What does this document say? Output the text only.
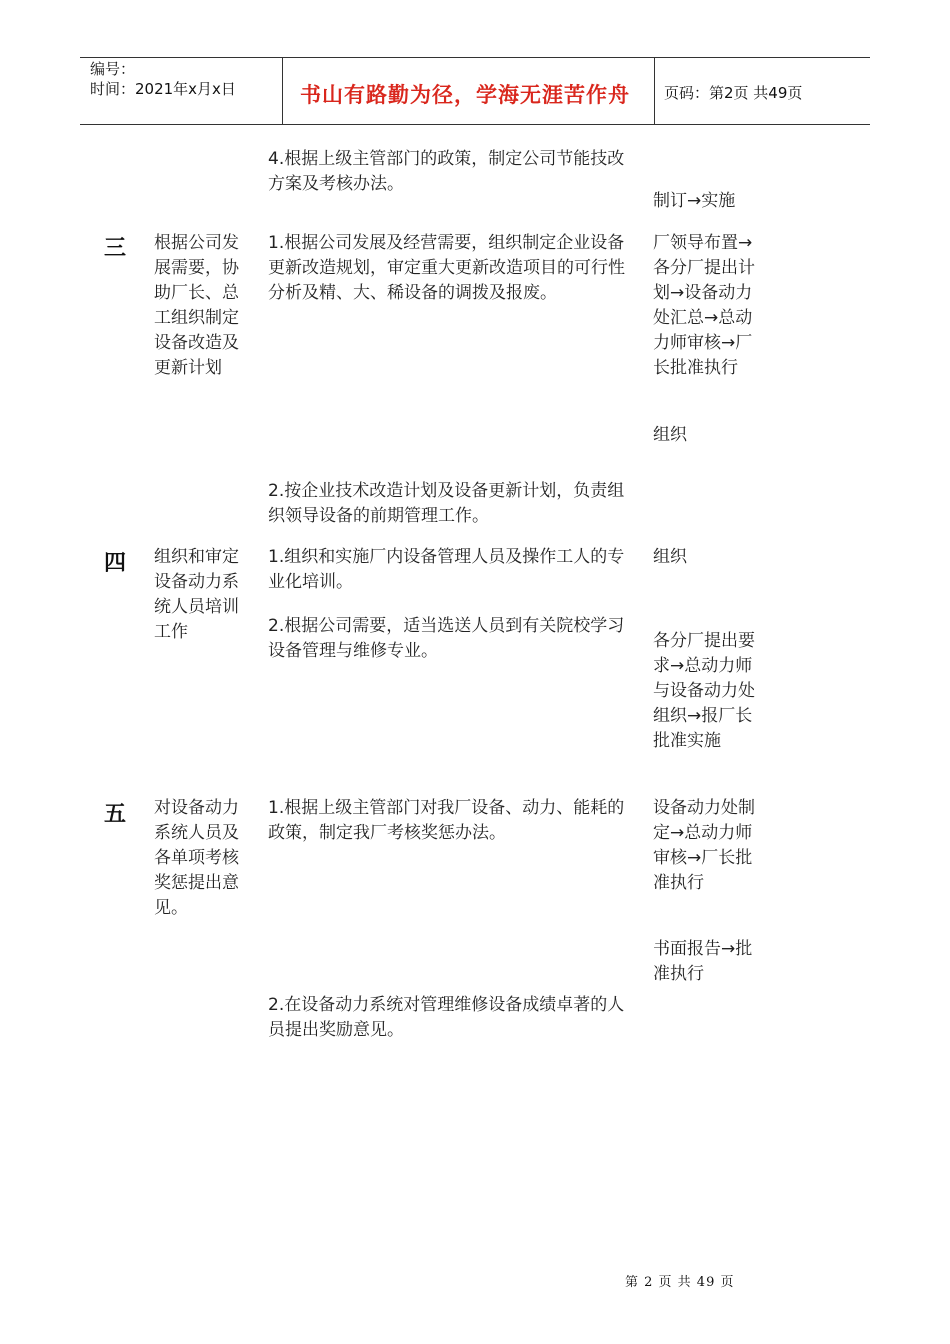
编号：
时间：2021年x月x日	书山有路勤为径，学海无涯苦作舟 页码：第2页 共49页
4.根据上级主管部门的政策，制定公司节能技改方案及考核办法。
制订→实施
三 根据公司发展需要，协助厂长、总工组织制定设备改造及更新计划
1.根据公司发展及经营需要，组织制定企业设备更新改造规划，审定重大更新改造项目的可行性分析及精、大、稀设备的调拨及报废。
厂领导布置→各分厂提出计划→设备动力处汇总→总动力师审核→厂长批准执行
组织
2.按企业技术改造计划及设备更新计划，负责组织领导设备的前期管理工作。
四 组织和审定设备动力系统人员培训工作
1.组织和实施厂内设备管理人员及操作工人的专业化培训。
组织
2.根据公司需要，适当选送人员到有关院校学习设备管理与维修专业。	各分厂提出要求→总动力师与设备动力处组织→报厂长批准实施
五 对设备动力系统人员及各单项考核奖惩提出意见。
1.根据上级主管部门对我厂设备、动力、能耗的政策，制定我厂考核奖惩办法。
设备动力处制定→总动力师审核→厂长批准执行
书面报告→批准执行
2.在设备动力系统对管理维修设备成绩卓著的人员提出奖励意见。
第 2 页 共 49 页
